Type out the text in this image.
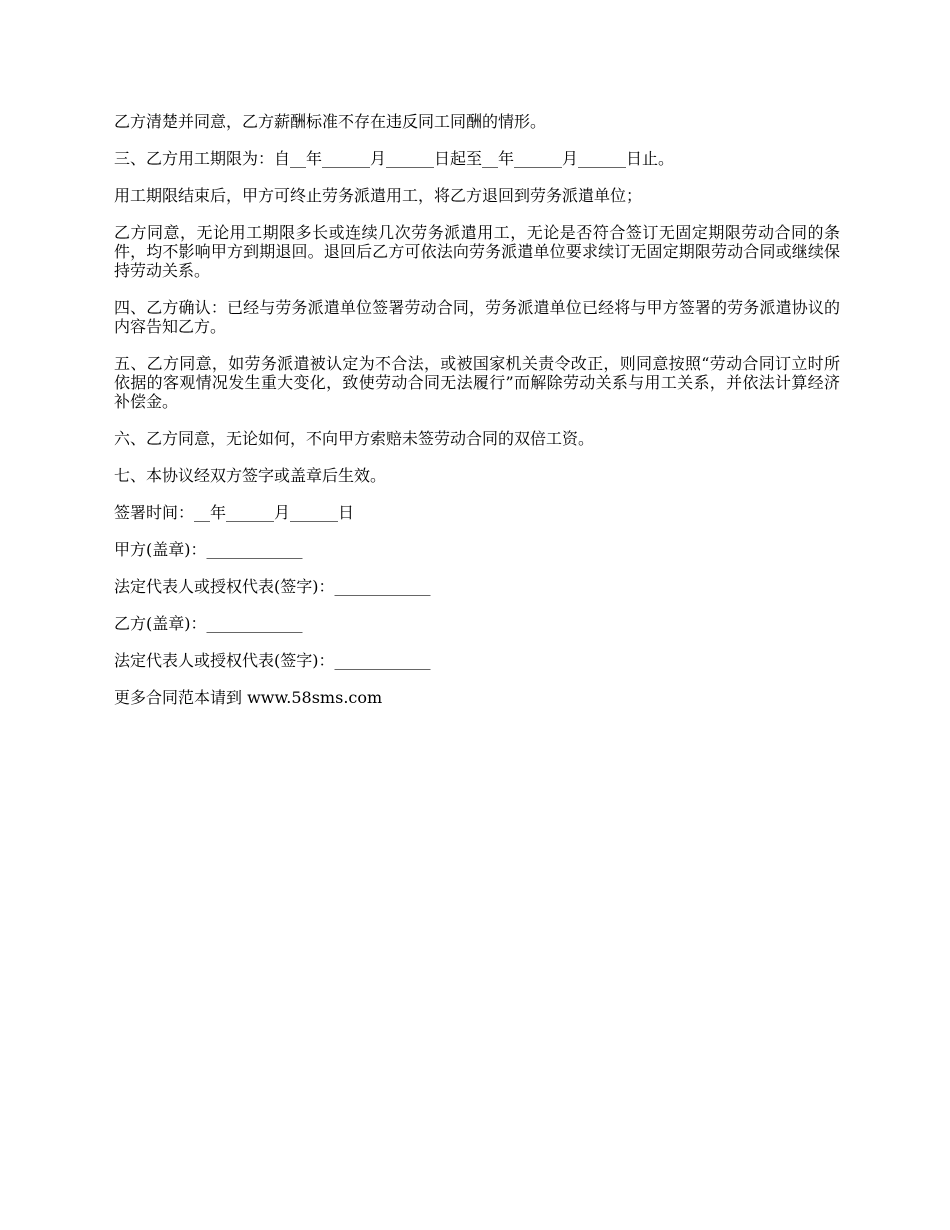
乙方清楚并同意，乙方薪酬标准不存在违反同工同酬的情形。

三、乙方用工期限为：自__年______月______日起至__年______月______日止。

用工期限结束后，甲方可终止劳务派遣用工，将乙方退回到劳务派遣单位；

乙方同意，无论用工期限多长或连续几次劳务派遣用工，无论是否符合签订无固定期限劳动合同的条件，均不影响甲方到期退回。退回后乙方可依法向劳务派遣单位要求续订无固定期限劳动合同或继续保持劳动关系。

四、乙方确认：已经与劳务派遣单位签署劳动合同，劳务派遣单位已经将与甲方签署的劳务派遣协议的内容告知乙方。

五、乙方同意，如劳务派遣被认定为不合法，或被国家机关责令改正，则同意按照“劳动合同订立时所依据的客观情况发生重大变化，致使劳动合同无法履行”而解除劳动关系与用工关系，并依法计算经济补偿金。

六、乙方同意，无论如何，不向甲方索赔未签劳动合同的双倍工资。

七、本协议经双方签字或盖章后生效。

签署时间：__年______月______日

甲方(盖章)：____________

法定代表人或授权代表(签字)：____________

乙方(盖章)：____________

法定代表人或授权代表(签字)：____________

更多合同范本请到 www.58sms.com
